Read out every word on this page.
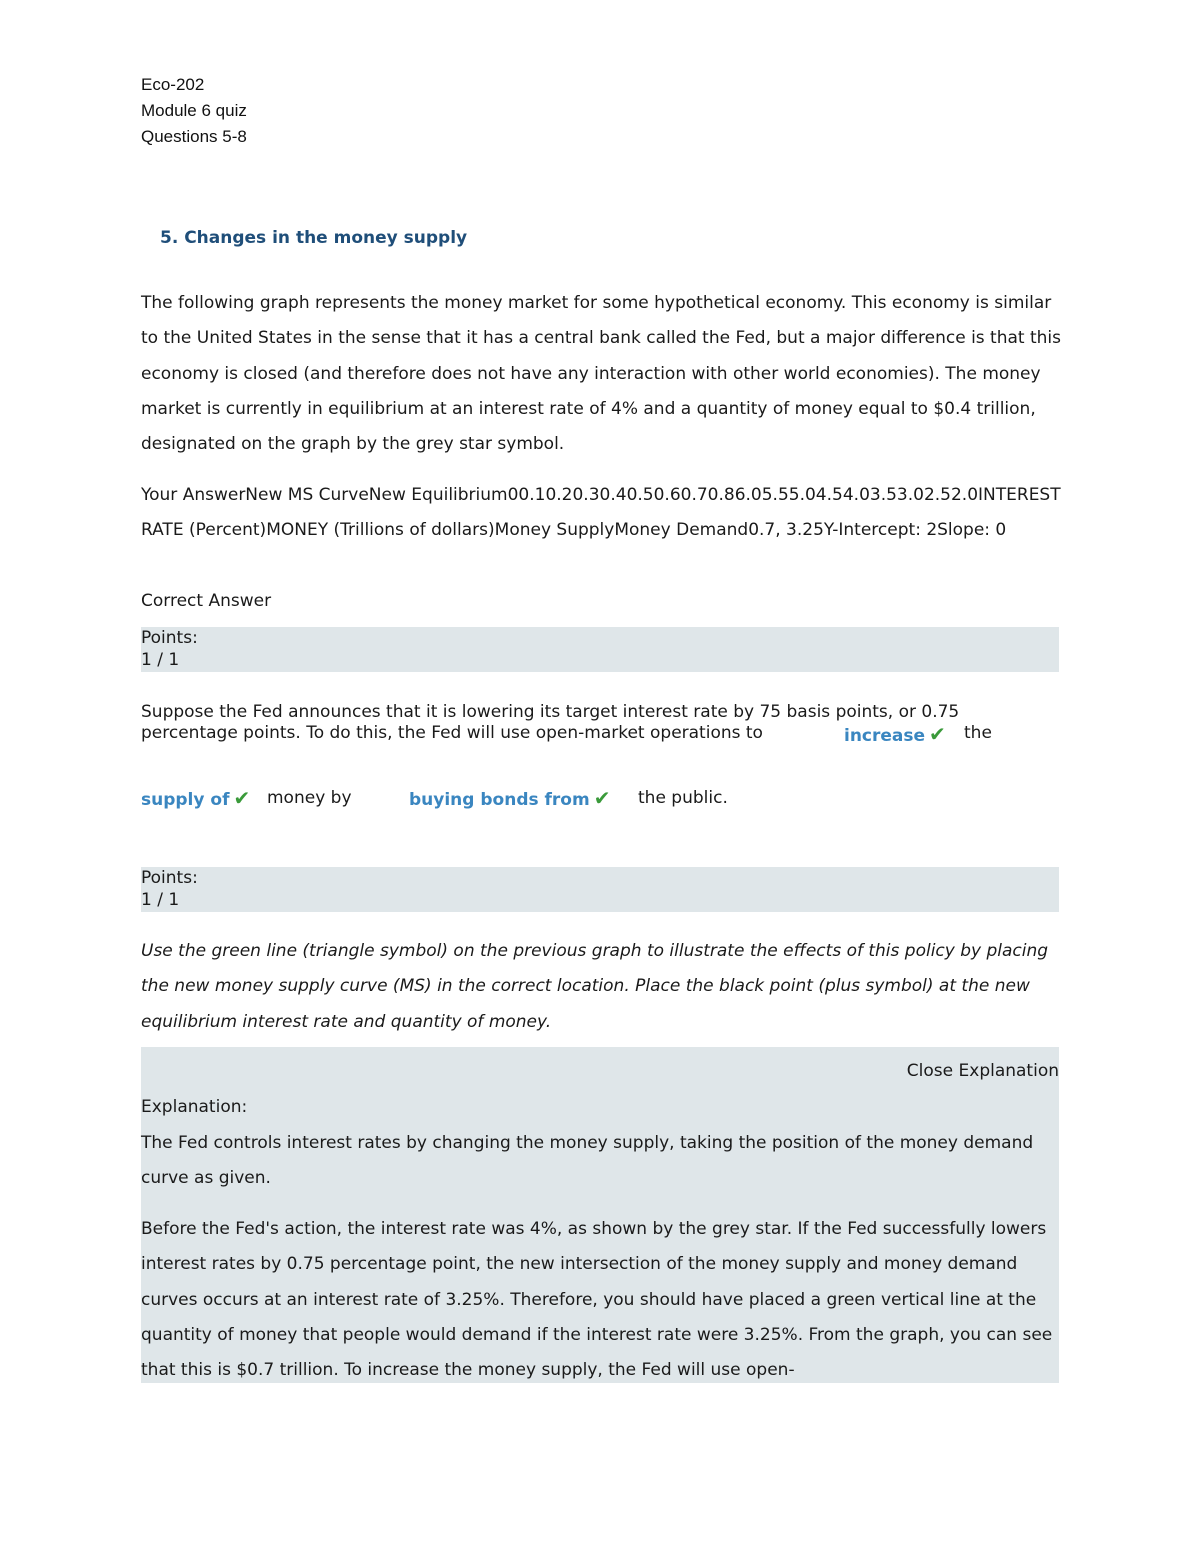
Eco-202
Module 6 quiz
Questions 5-8
5. Changes in the money supply
The following graph represents the money market for some hypothetical economy. This economy is similar to the United States in the sense that it has a central bank called the Fed, but a major difference is that this economy is closed (and therefore does not have any interaction with other world economies). The money market is currently in equilibrium at an interest rate of 4% and a quantity of money equal to $0.4 trillion, designated on the graph by the grey star symbol.
Your AnswerNew MS CurveNew Equilibrium00.10.20.30.40.50.60.70.86.05.55.04.54.03.53.02.52.0INTEREST RATE (Percent)MONEY (Trillions of dollars)Money SupplyMoney Demand0.7, 3.25Y-Intercept: 2Slope: 0
Correct Answer
Points:
1 / 1
Suppose the Fed announces that it is lowering its target interest rate by 75 basis points, or 0.75 percentage points. To do this, the Fed will use open-market operations to	increase ✔ the
supply of ✔ money by	buying bonds from ✔ the public.
Points:
1 / 1
Use the green line (triangle symbol) on the previous graph to illustrate the effects of this policy by placing the new money supply curve (MS) in the correct location. Place the black point (plus symbol) at the new equilibrium interest rate and quantity of money.
Close Explanation
Explanation:
The Fed controls interest rates by changing the money supply, taking the position of the money demand curve as given.
Before the Fed's action, the interest rate was 4%, as shown by the grey star. If the Fed successfully lowers interest rates by 0.75 percentage point, the new intersection of the money supply and money demand curves occurs at an interest rate of 3.25%. Therefore, you should have placed a green vertical line at the quantity of money that people would demand if the interest rate were 3.25%. From the graph, you can see that this is $0.7 trillion. To increase the money supply, the Fed will use open-
